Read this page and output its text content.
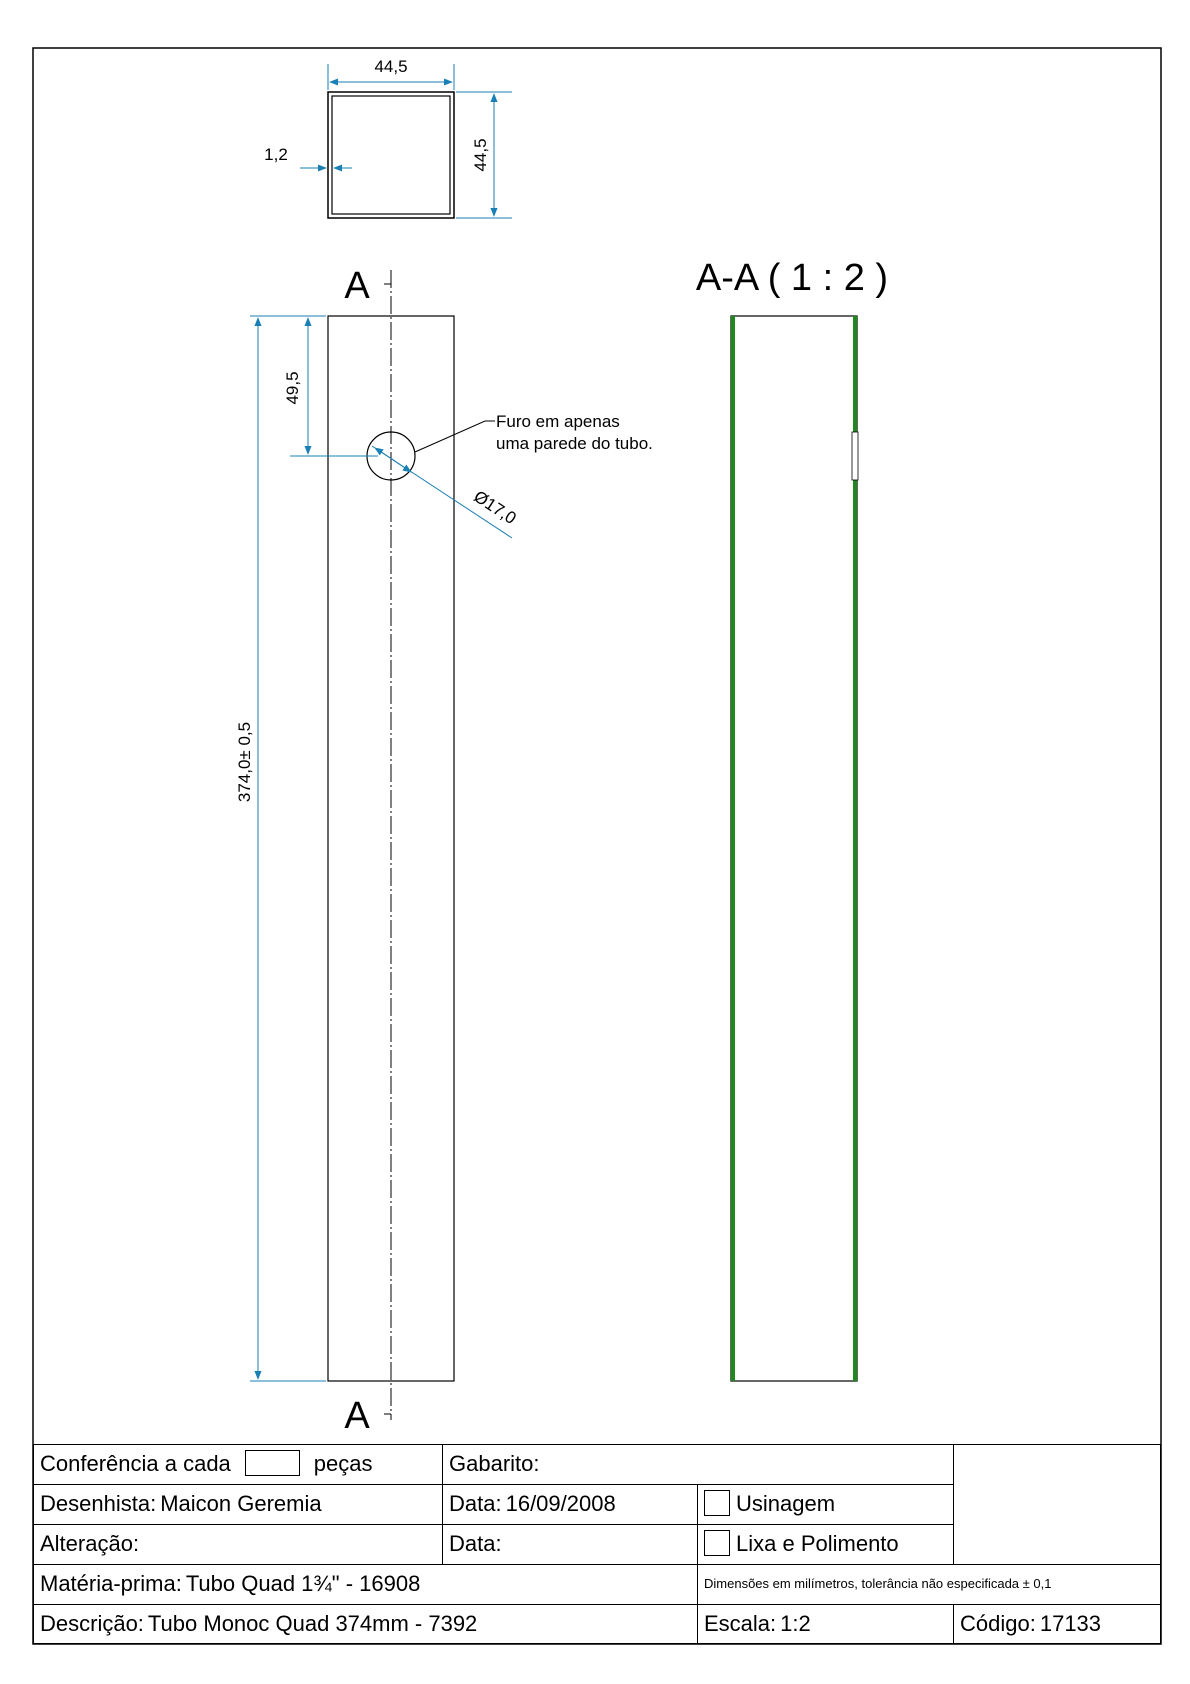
44,5
44,5
1,2
A
A
374,0± 0,5
49,5
Ø17,0
Furo em apenas
uma parede do tubo.
A-A ( 1 : 2 )
Conferência a cada	peças	Gabarito:
Desenhista: Maicon Geremia	Data: 16/09/2008	Usinagem
Alteração:	Data:	Lixa e Polimento
Matéria-prima: Tubo Quad 1¾" - 16908	Dimensões em milímetros, tolerância não especificada ± 0,1
Descrição: Tubo Monoc Quad 374mm - 7392	Escala: 1:2	Código: 17133
